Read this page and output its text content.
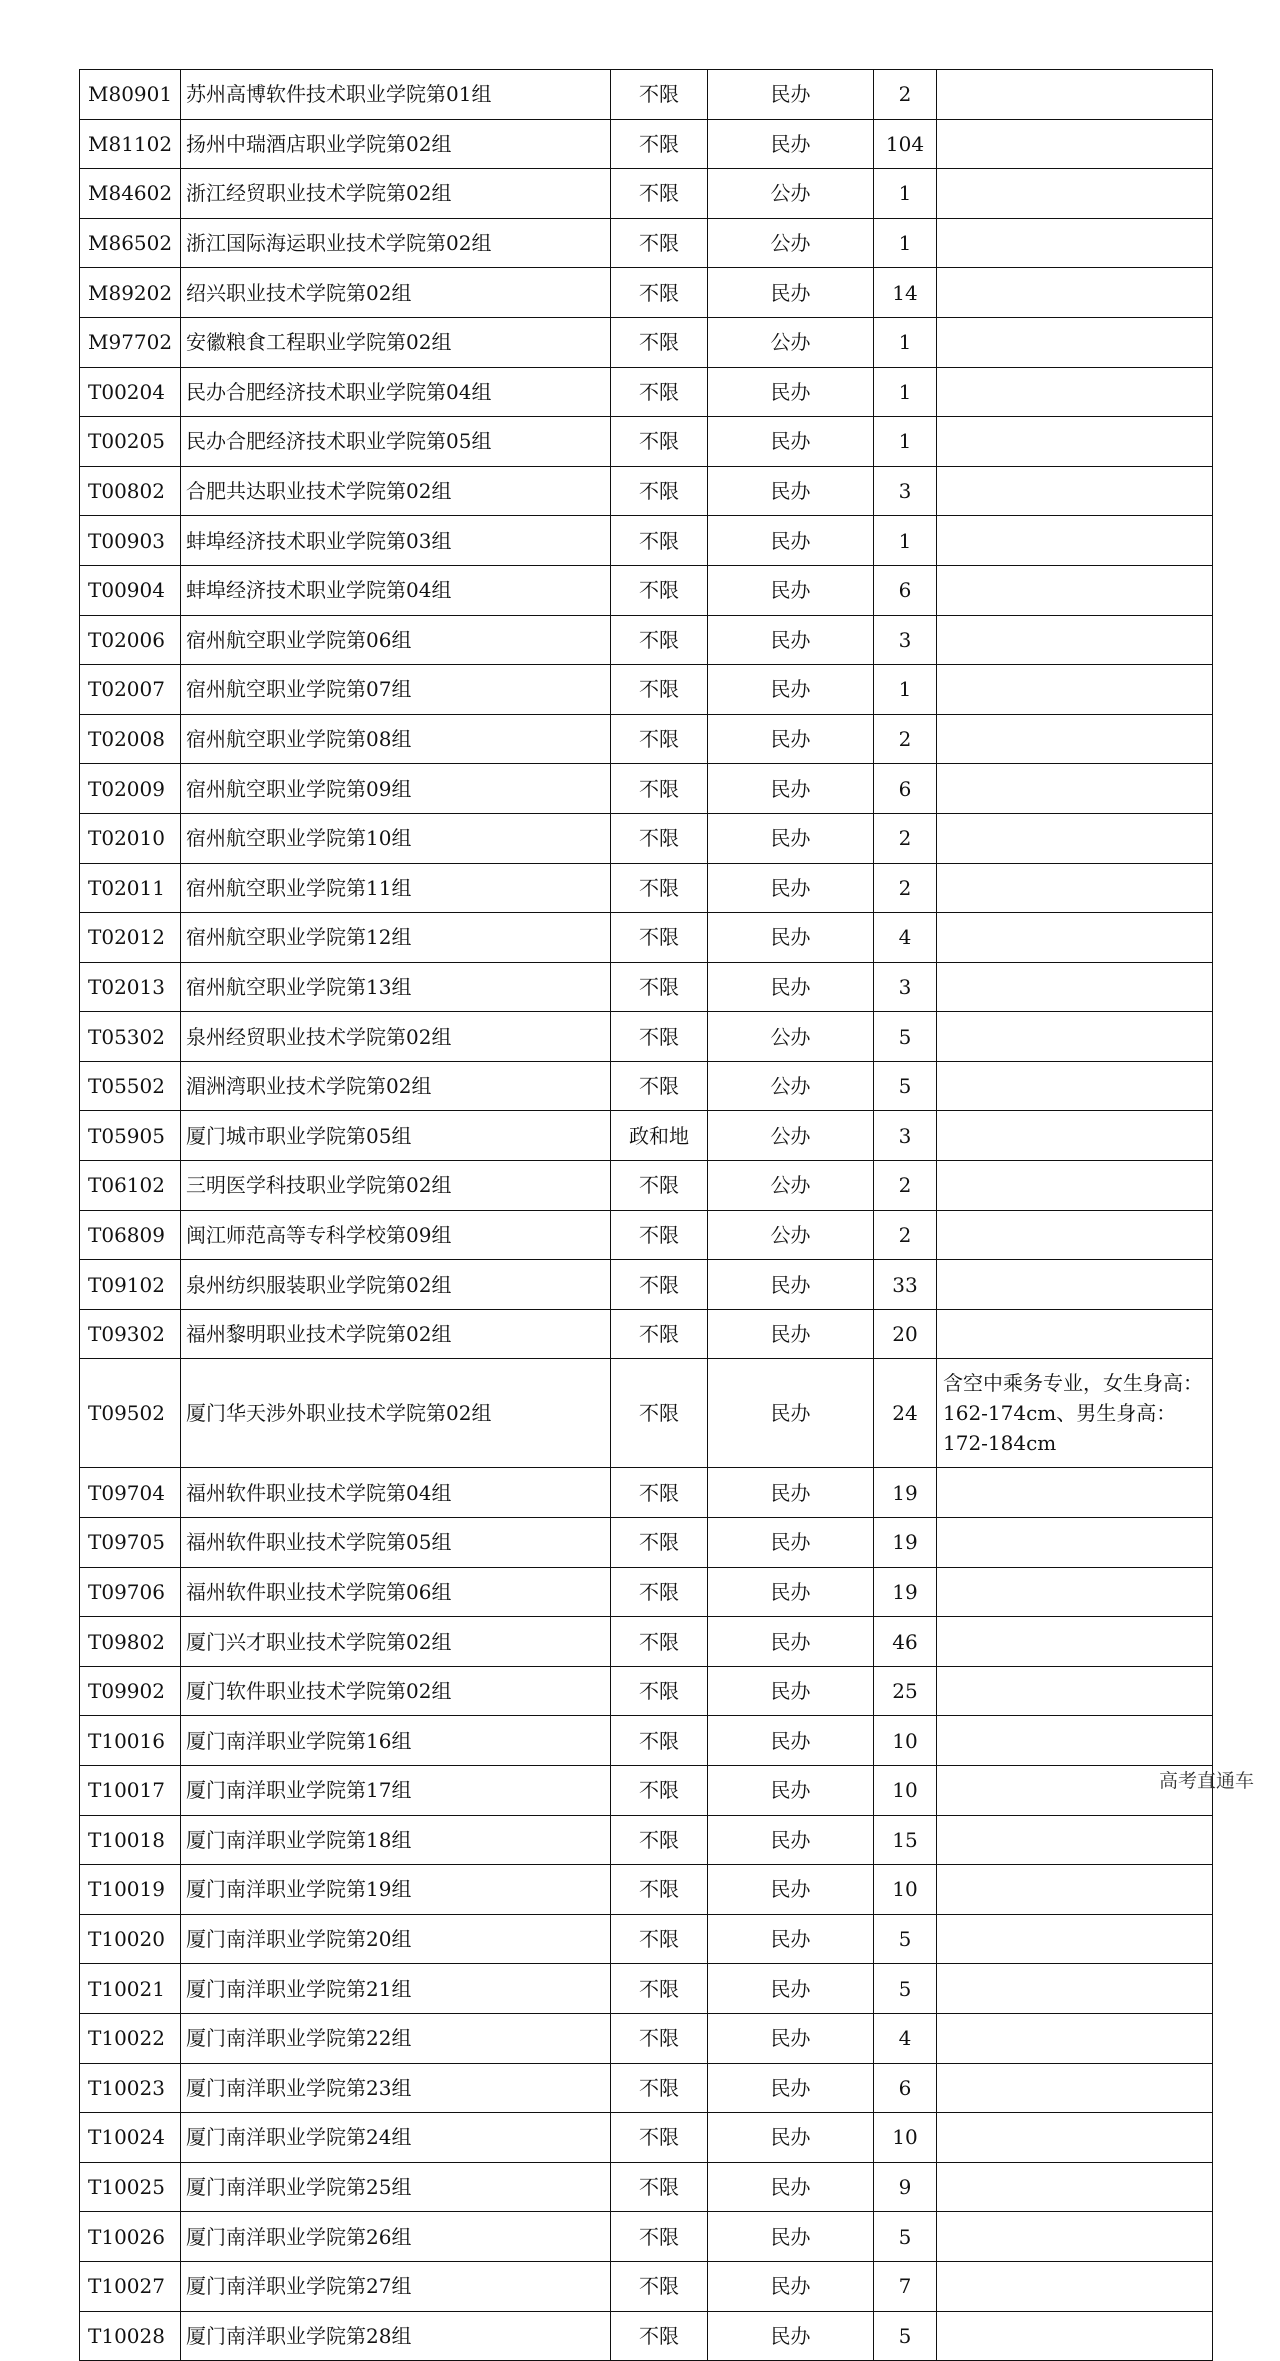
M80901	苏州高博软件技术职业学院第01组	不限	民办	2	
M81102	扬州中瑞酒店职业学院第02组	不限	民办	104	
M84602	浙江经贸职业技术学院第02组	不限	公办	1	
M86502	浙江国际海运职业技术学院第02组	不限	公办	1	
M89202	绍兴职业技术学院第02组	不限	民办	14	
M97702	安徽粮食工程职业学院第02组	不限	公办	1	
T00204	民办合肥经济技术职业学院第04组	不限	民办	1	
T00205	民办合肥经济技术职业学院第05组	不限	民办	1	
T00802	合肥共达职业技术学院第02组	不限	民办	3	
T00903	蚌埠经济技术职业学院第03组	不限	民办	1	
T00904	蚌埠经济技术职业学院第04组	不限	民办	6	
T02006	宿州航空职业学院第06组	不限	民办	3	
T02007	宿州航空职业学院第07组	不限	民办	1	
T02008	宿州航空职业学院第08组	不限	民办	2	
T02009	宿州航空职业学院第09组	不限	民办	6	
T02010	宿州航空职业学院第10组	不限	民办	2	
T02011	宿州航空职业学院第11组	不限	民办	2	
T02012	宿州航空职业学院第12组	不限	民办	4	
T02013	宿州航空职业学院第13组	不限	民办	3	
T05302	泉州经贸职业技术学院第02组	不限	公办	5	
T05502	湄洲湾职业技术学院第02组	不限	公办	5	
T05905	厦门城市职业学院第05组	政和地	公办	3	
T06102	三明医学科技职业学院第02组	不限	公办	2	
T06809	闽江师范高等专科学校第09组	不限	公办	2	
T09102	泉州纺织服装职业学院第02组	不限	民办	33	
T09302	福州黎明职业技术学院第02组	不限	民办	20	
T09502	厦门华天涉外职业技术学院第02组	不限	民办	24	含空中乘务专业，女生身高：162-174cm、男生身高：172-184cm
T09704	福州软件职业技术学院第04组	不限	民办	19	
T09705	福州软件职业技术学院第05组	不限	民办	19	
T09706	福州软件职业技术学院第06组	不限	民办	19	
T09802	厦门兴才职业技术学院第02组	不限	民办	46	
T09902	厦门软件职业技术学院第02组	不限	民办	25	
T10016	厦门南洋职业学院第16组	不限	民办	10	
T10017	厦门南洋职业学院第17组	不限	民办	10	
T10018	厦门南洋职业学院第18组	不限	民办	15	
T10019	厦门南洋职业学院第19组	不限	民办	10	
T10020	厦门南洋职业学院第20组	不限	民办	5	
T10021	厦门南洋职业学院第21组	不限	民办	5	
T10022	厦门南洋职业学院第22组	不限	民办	4	
T10023	厦门南洋职业学院第23组	不限	民办	6	
T10024	厦门南洋职业学院第24组	不限	民办	10	
T10025	厦门南洋职业学院第25组	不限	民办	9	
T10026	厦门南洋职业学院第26组	不限	民办	5	
T10027	厦门南洋职业学院第27组	不限	民办	7	
T10028	厦门南洋职业学院第28组	不限	民办	5	
高考直通车
